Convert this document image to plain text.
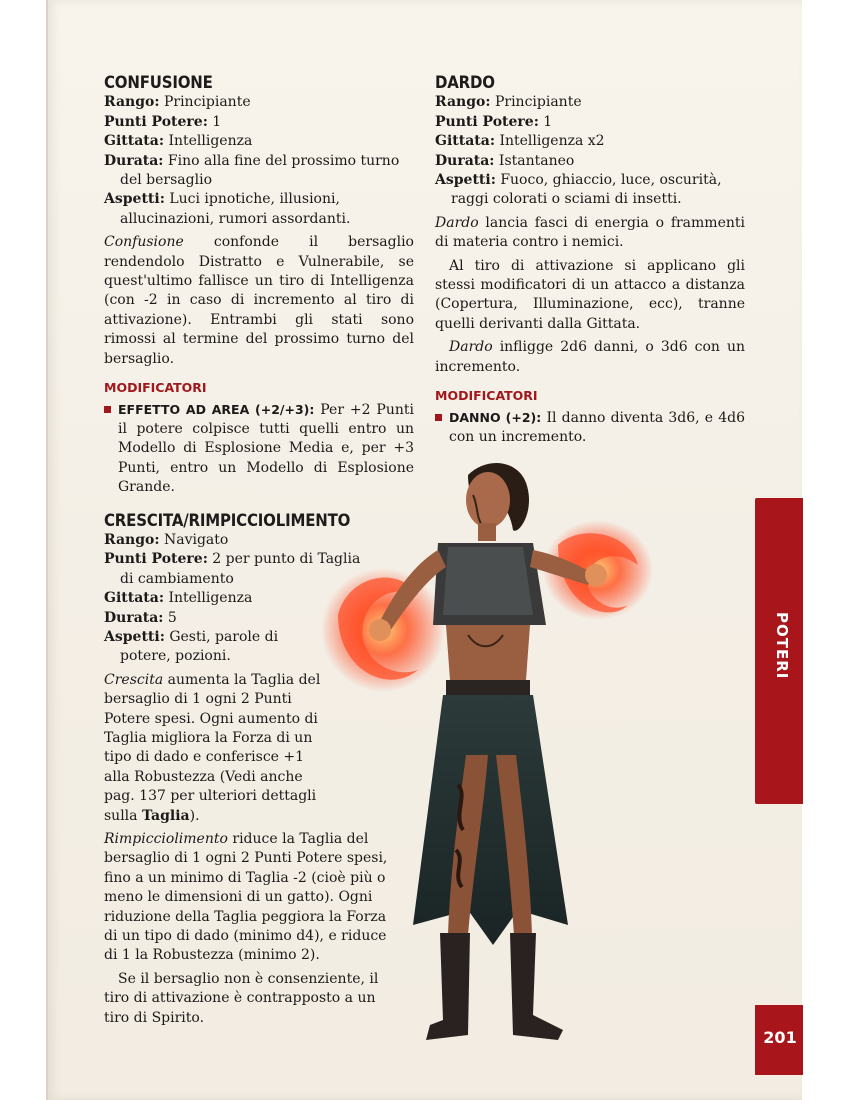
CONFUSIONE

Rango: Principiante

Punti Potere: 1

Gittata: Intelligenza

Durata: Fino alla fine del prossimo turno del bersaglio

Aspetti: Luci ipnotiche, illusioni, allucinazioni, rumori assordanti.

Confusione confonde il bersaglio rendendolo Distratto e Vulnerabile, se quest'ultimo fallisce un tiro di Intelligenza (con -2 in caso di incremento al tiro di attivazione). Entrambi gli stati sono rimossi al termine del prossimo turno del bersaglio.

MODIFICATORI
EFFETTO AD AREA (+2/+3): Per +2 Punti il potere colpisce tutti quelli entro un Modello di Esplosione Media e, per +3 Punti, entro un Modello di Esplosione Grande.
CRESCITA/RIMPICCIOLIMENTO

Rango: Navigato

Punti Potere: 2 per punto di Taglia di cambiamento

Gittata: Intelligenza

Durata: 5

Aspetti: Gesti, parole di potere, pozioni.

Crescita aumenta la Taglia del bersaglio di 1 ogni 2 Punti Potere spesi. Ogni aumento di Taglia migliora la Forza di un tipo di dado e conferisce +1 alla Robustezza (Vedi anche pag. 137 per ulteriori dettagli sulla Taglia).

Rimpicciolimento riduce la Taglia del bersaglio di 1 ogni 2 Punti Potere spesi, fino a un minimo di Taglia -2 (cioè più o meno le dimensioni di un gatto). Ogni riduzione della Taglia peggiora la Forza di un tipo di dado (minimo d4), e riduce di 1 la Robustezza (minimo 2).

Se il bersaglio non è consenziente, il tiro di attivazione è contrapposto a un tiro di Spirito.

DARDO

Rango: Principiante

Punti Potere: 1

Gittata: Intelligenza x2

Durata: Istantaneo

Aspetti: Fuoco, ghiaccio, luce, oscurità, raggi colorati o sciami di insetti.

Dardo lancia fasci di energia o frammenti di materia contro i nemici.

Al tiro di attivazione si applicano gli stessi modificatori di un attacco a distanza (Copertura, Illuminazione, ecc), tranne quelli derivanti dalla Gittata.

Dardo infligge 2d6 danni, o 3d6 con un incremento.

MODIFICATORI
DANNO (+2): Il danno diventa 3d6, e 4d6 con un incremento.
POTERI
201
